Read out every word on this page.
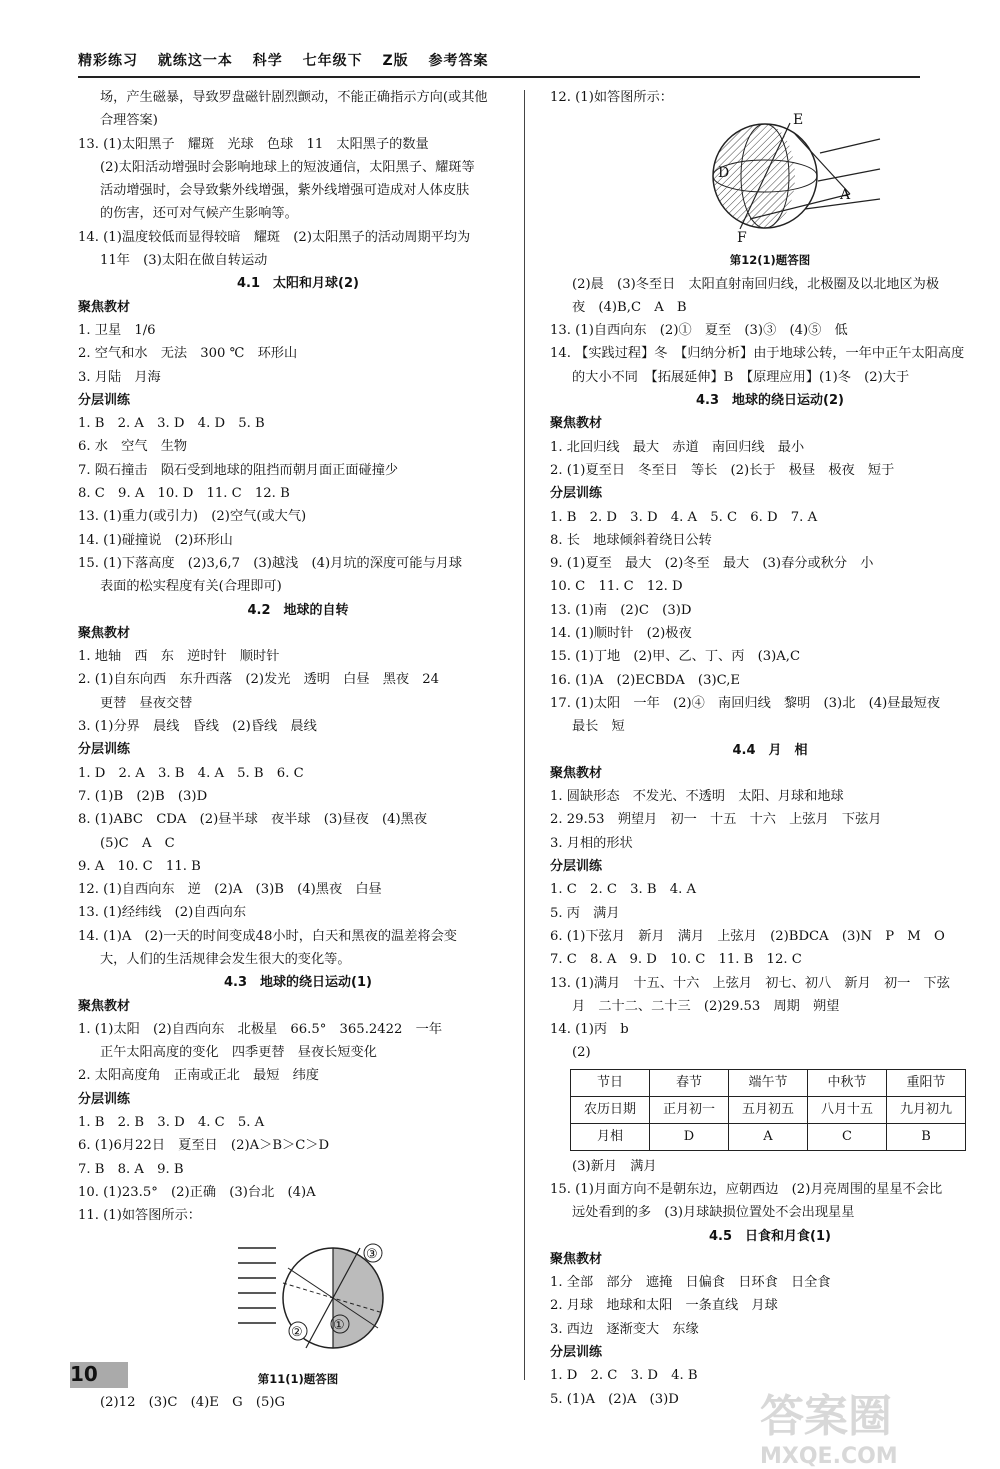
精彩练习 就练这一本 科学 七年级下 Z版 参考答案

场，产生磁暴，导致罗盘磁针剧烈颤动，不能正确指示方向(或其他

合理答案)

13. (1)太阳黑子　耀斑　光球　色球　11　太阳黑子的数量

(2)太阳活动增强时会影响地球上的短波通信，太阳黑子、耀斑等

活动增强时，会导致紫外线增强，紫外线增强可造成对人体皮肤

的伤害，还可对气候产生影响等。

14. (1)温度较低而显得较暗　耀斑　(2)太阳黑子的活动周期平均为

11年　(3)太阳在做自转运动

4.1　太阳和月球(2)

聚焦教材

1. 卫星　1/6

2. 空气和水　无法　300 ℃　环形山

3. 月陆　月海

分层训练

1. B　2. A　3. D　4. D　5. B

6. 水　空气　生物

7. 陨石撞击　陨石受到地球的阻挡而朝月面正面碰撞少

8. C　9. A　10. D　11. C　12. B

13. (1)重力(或引力)　(2)空气(或大气)

14. (1)碰撞说　(2)环形山

15. (1)下落高度　(2)3,6,7　(3)越浅　(4)月坑的深度可能与月球

表面的松实程度有关(合理即可)

4.2　地球的自转

聚焦教材

1. 地轴　西　东　逆时针　顺时针

2. (1)自东向西　东升西落　(2)发光　透明　白昼　黑夜　24

更替　昼夜交替

3. (1)分界　晨线　昏线　(2)昏线　晨线

分层训练

1. D　2. A　3. B　4. A　5. B　6. C

7. (1)B　(2)B　(3)D

8. (1)ABC　CDA　(2)昼半球　夜半球　(3)昼夜　(4)黑夜

(5)C　A　C

9. A　10. C　11. B

12. (1)自西向东　逆　(2)A　(3)B　(4)黑夜　白昼

13. (1)经纬线　(2)自西向东

14. (1)A　(2)一天的时间变成48小时，白天和黑夜的温差将会变

大，人们的生活规律会发生很大的变化等。

4.3　地球的绕日运动(1)

聚焦教材

1. (1)太阳　(2)自西向东　北极星　66.5°　365.2422　一年

正午太阳高度的变化　四季更替　昼夜长短变化

2. 太阳高度角　正南或正北　最短　纬度

分层训练

1. B　2. B　3. D　4. C　5. A

6. (1)6月22日　夏至日　(2)A＞B＞C＞D

7. B　8. A　9. B

10. (1)23.5°　(2)正确　(3)台北　(4)A

11. (1)如答图所示：

② ①
③

第11(1)题答图

(2)12　(3)C　(4)E　G　(5)G

12. (1)如答图所示：

E
D
A
F

第12(1)题答图

(2)晨　(3)冬至日　太阳直射南回归线，北极圈及以北地区为极

夜　(4)B,C　A　B

13. (1)自西向东　(2)①　夏至　(3)③　(4)⑤　低

14. 【实践过程】冬　【归纳分析】由于地球公转，一年中正午太阳高度

的大小不同　【拓展延伸】B　【原理应用】(1)冬　(2)大于

4.3　地球的绕日运动(2)

聚焦教材

1. 北回归线　最大　赤道　南回归线　最小

2. (1)夏至日　冬至日　等长　(2)长于　极昼　极夜　短于

分层训练

1. B　2. D　3. D　4. A　5. C　6. D　7. A

8. 长　地球倾斜着绕日公转

9. (1)夏至　最大　(2)冬至　最大　(3)春分或秋分　小

10. C　11. C　12. D

13. (1)南　(2)C　(3)D

14. (1)顺时针　(2)极夜

15. (1)丁地　(2)甲、乙、丁、丙　(3)A,C

16. (1)A　(2)ECBDA　(3)C,E

17. (1)太阳　一年　(2)④　南回归线　黎明　(3)北　(4)昼最短夜

最长　短

4.4　月　相

聚焦教材

1. 圆缺形态　不发光、不透明　太阳、月球和地球

2. 29.53　朔望月　初一　十五　十六　上弦月　下弦月

3. 月相的形状

分层训练

1. C　2. C　3. B　4. A

5. 丙　满月

6. (1)下弦月　新月　满月　上弦月　(2)BDCA　(3)N　P　M　O

7. C　8. A　9. D　10. C　11. B　12. C

13. (1)满月　十五、十六　上弦月　初七、初八　新月　初一　下弦

月　二十二、二十三　(2)29.53　周期　朔望

14. (1)丙　b

(2)

节日	春节	端午节	中秋节	重阳节
农历日期	正月初一	五月初五	八月十五	九月初九
月相	D	A	C	B

(3)新月　满月

15. (1)月面方向不是朝东边，应朝西边　(2)月亮周围的星星不会比

远处看到的多　(3)月球缺损位置处不会出现星星

4.5　日食和月食(1)

聚焦教材

1. 全部　部分　遮掩　日偏食　日环食　日全食

2. 月球　地球和太阳　一条直线　月球

3. 西边　逐渐变大　东缘

分层训练

1. D　2. C　3. D　4. B

5. (1)A　(2)A　(3)D

10
答案圈
MXQE.COM
